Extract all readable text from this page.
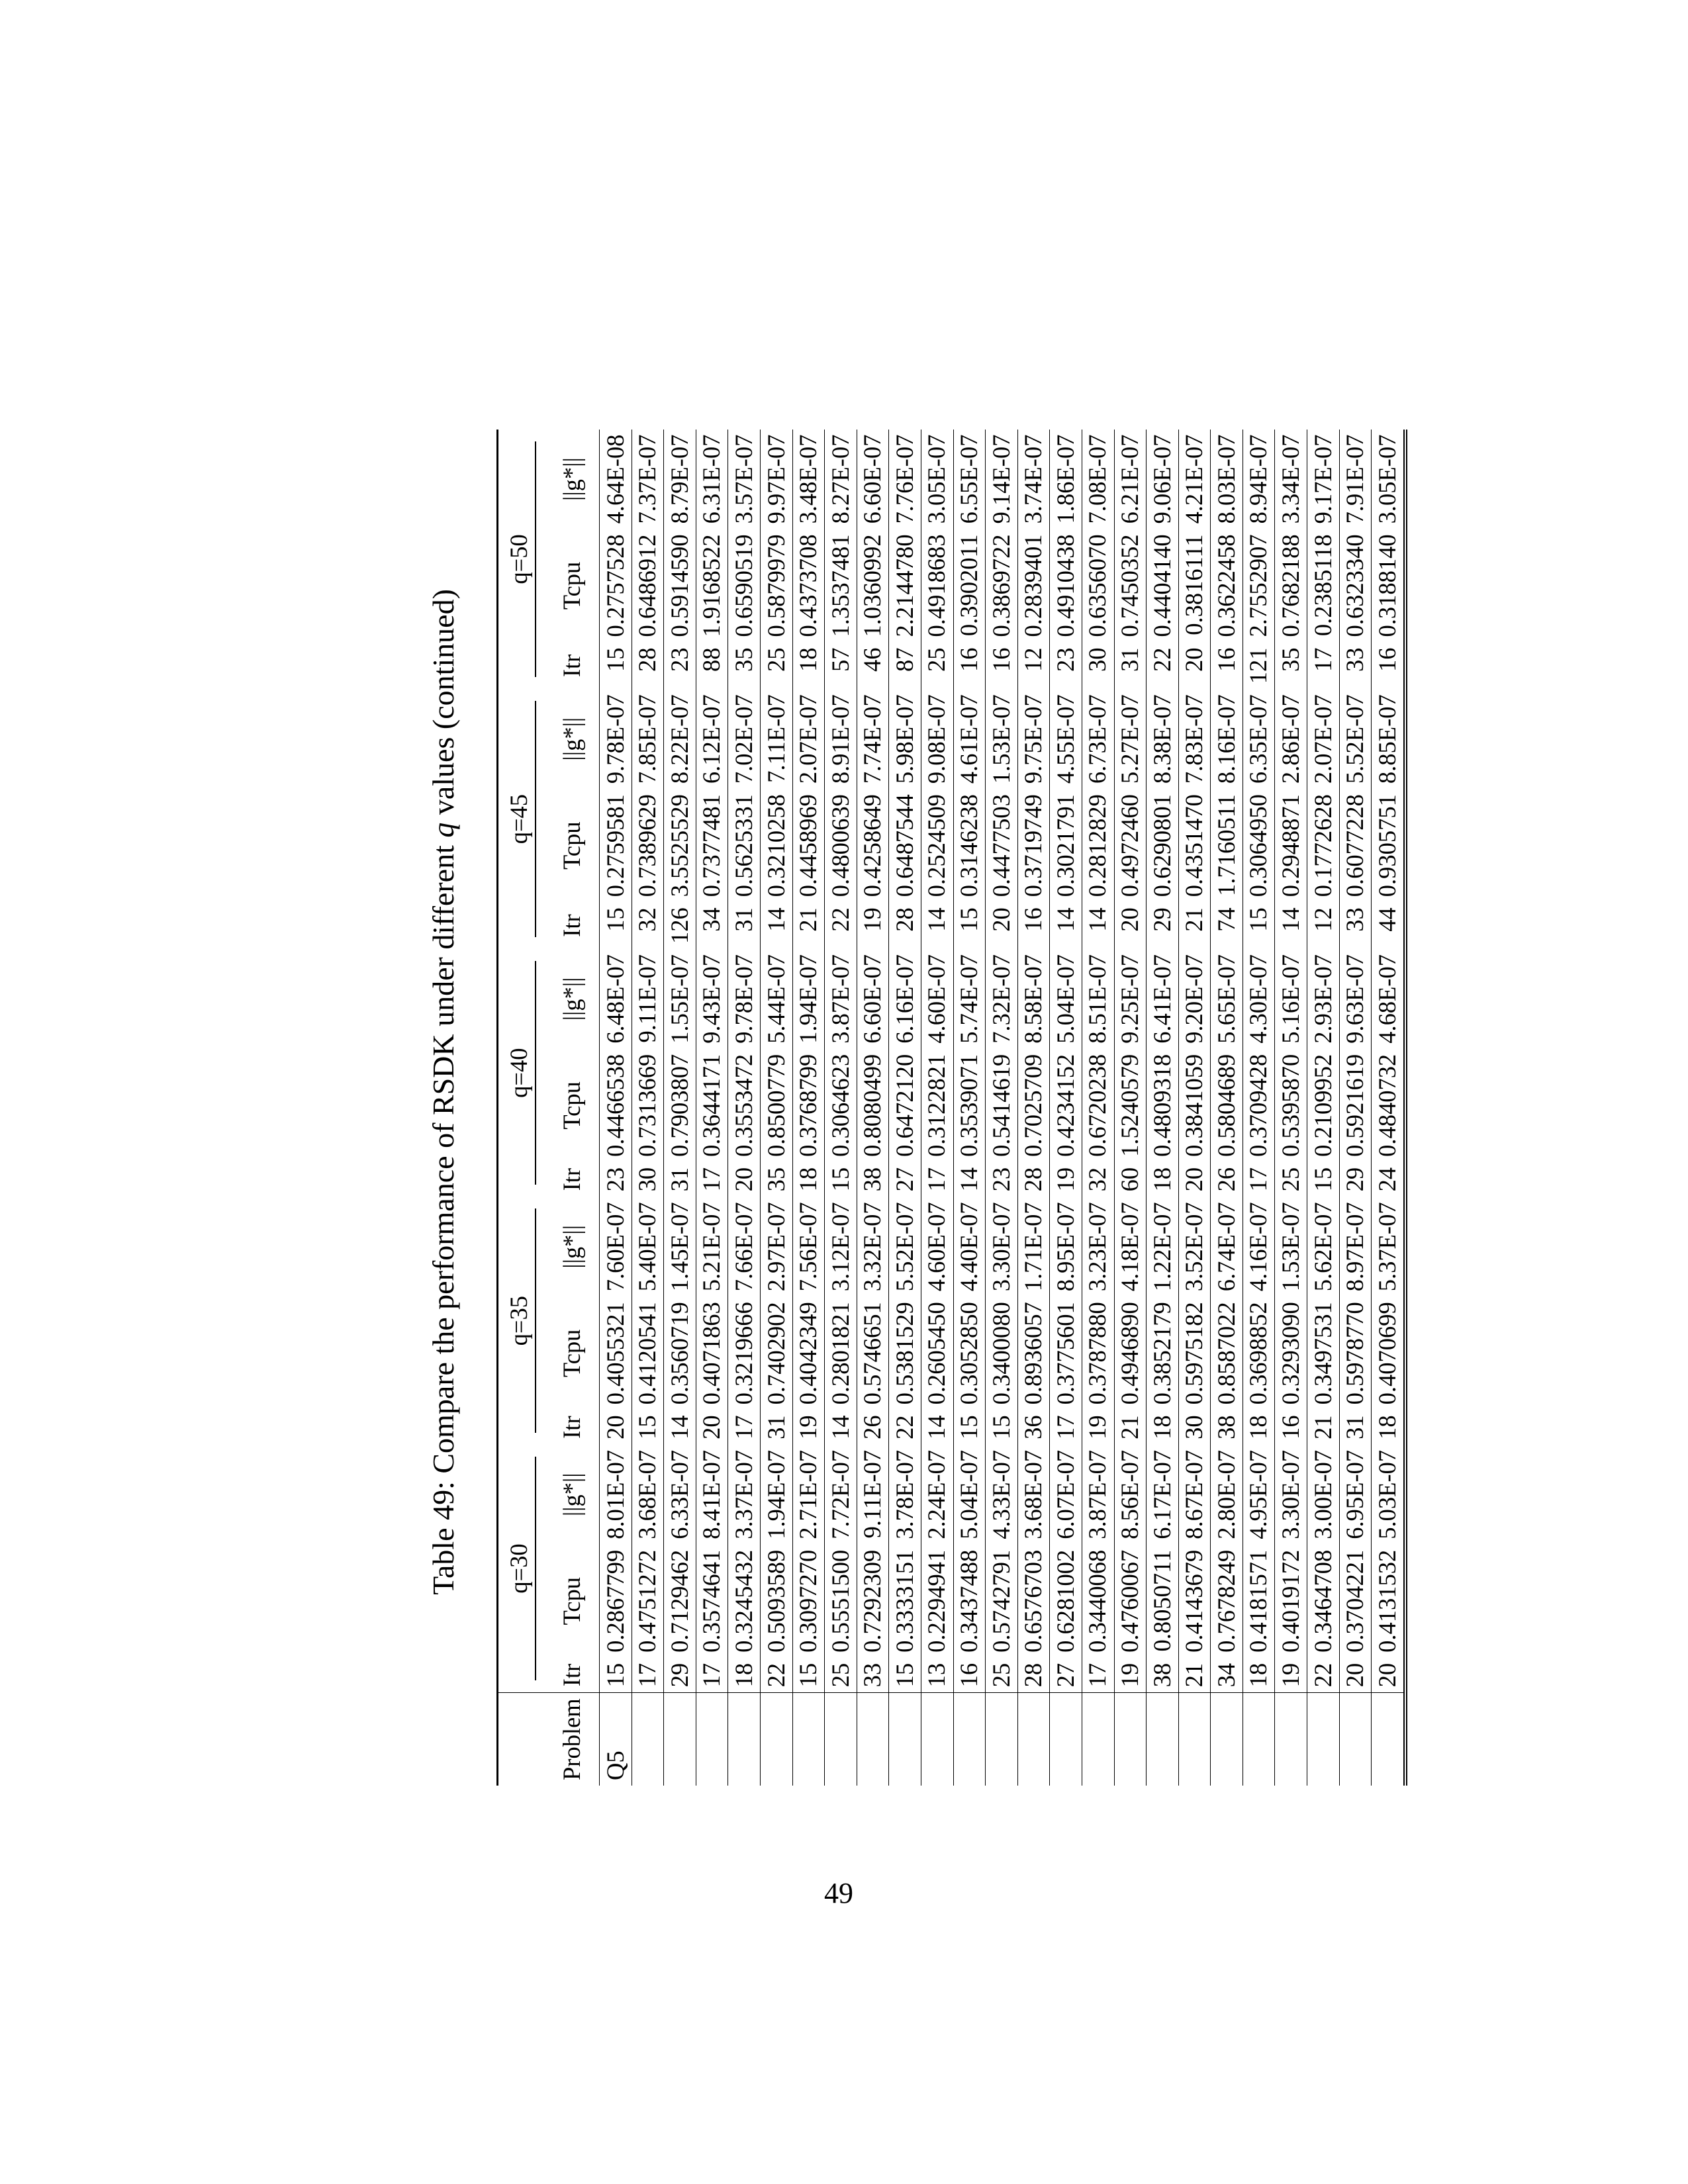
Table 49: Compare the performance of RSDK under different q values (continued)

	q=30			q=35			q=40			q=45			q=50		

Problem	Itr	Tcpu	||g*||	Itr	Tcpu	||g*||	Itr	Tcpu	||g*||	Itr	Tcpu	||g*||	Itr	Tcpu	||g*||
Q5	15	0.2867799	8.01E-07	20	0.4055321	7.60E-07	23	0.4466538	6.48E-07	15	0.2759581	9.78E-07	15	0.2757528	4.64E-08
	17	0.4751272	3.68E-07	15	0.4120541	5.40E-07	30	0.7313669	9.11E-07	32	0.7389629	7.85E-07	28	0.6486912	7.37E-07
	29	0.7129462	6.33E-07	14	0.3560719	1.45E-07	31	0.7903807	1.55E-07	126	3.5525529	8.22E-07	23	0.5914590	8.79E-07
	17	0.3574641	8.41E-07	20	0.4071863	5.21E-07	17	0.3644171	9.43E-07	34	0.7377481	6.12E-07	88	1.9168522	6.31E-07
	18	0.3245432	3.37E-07	17	0.3219666	7.66E-07	20	0.3553472	9.78E-07	31	0.5625331	7.02E-07	35	0.6590519	3.57E-07
	22	0.5093589	1.94E-07	31	0.7402902	2.97E-07	35	0.8500779	5.44E-07	14	0.3210258	7.11E-07	25	0.5879979	9.97E-07
	15	0.3097270	2.71E-07	19	0.4042349	7.56E-07	18	0.3768799	1.94E-07	21	0.4458969	2.07E-07	18	0.4373708	3.48E-07
	25	0.5551500	7.72E-07	14	0.2801821	3.12E-07	15	0.3064623	3.87E-07	22	0.4800639	8.91E-07	57	1.3537481	8.27E-07
	33	0.7292309	9.11E-07	26	0.5746651	3.32E-07	38	0.8080499	6.60E-07	19	0.4258649	7.74E-07	46	1.0360992	6.60E-07
	15	0.3333151	3.78E-07	22	0.5381529	5.52E-07	27	0.6472120	6.16E-07	28	0.6487544	5.98E-07	87	2.2144780	7.76E-07
	13	0.2294941	2.24E-07	14	0.2605450	4.60E-07	17	0.3122821	4.60E-07	14	0.2524509	9.08E-07	25	0.4918683	3.05E-07
	16	0.3437488	5.04E-07	15	0.3052850	4.40E-07	14	0.3539071	5.74E-07	15	0.3146238	4.61E-07	16	0.3902011	6.55E-07
	25	0.5742791	4.33E-07	15	0.3400080	3.30E-07	23	0.5414619	7.32E-07	20	0.4477503	1.53E-07	16	0.3869722	9.14E-07
	28	0.6576703	3.68E-07	36	0.8936057	1.71E-07	28	0.7025709	8.58E-07	16	0.3719749	9.75E-07	12	0.2839401	3.74E-07
	27	0.6281002	6.07E-07	17	0.3775601	8.95E-07	19	0.4234152	5.04E-07	14	0.3021791	4.55E-07	23	0.4910438	1.86E-07
	17	0.3440068	3.87E-07	19	0.3787880	3.23E-07	32	0.6720238	8.51E-07	14	0.2812829	6.73E-07	30	0.6356070	7.08E-07
	19	0.4760067	8.56E-07	21	0.4946890	4.18E-07	60	1.5240579	9.25E-07	20	0.4972460	5.27E-07	31	0.7450352	6.21E-07
	38	0.8050711	6.17E-07	18	0.3852179	1.22E-07	18	0.4809318	6.41E-07	29	0.6290801	8.38E-07	22	0.4404140	9.06E-07
	21	0.4143679	8.67E-07	30	0.5975182	3.52E-07	20	0.3841059	9.20E-07	21	0.4351470	7.83E-07	20	0.3816111	4.21E-07
	34	0.7678249	2.80E-07	38	0.8587022	6.74E-07	26	0.5804689	5.65E-07	74	1.7160511	8.16E-07	16	0.3622458	8.03E-07
	18	0.4181571	4.95E-07	18	0.3698852	4.16E-07	17	0.3709428	4.30E-07	15	0.3064950	6.35E-07	121	2.7552907	8.94E-07
	19	0.4019172	3.30E-07	16	0.3293090	1.53E-07	25	0.5395870	5.16E-07	14	0.2948871	2.86E-07	35	0.7682188	3.34E-07
	22	0.3464708	3.00E-07	21	0.3497531	5.62E-07	15	0.2109952	2.93E-07	12	0.1772628	2.07E-07	17	0.2385118	9.17E-07
	20	0.3704221	6.95E-07	31	0.5978770	8.97E-07	29	0.5921619	9.63E-07	33	0.6077228	5.52E-07	33	0.6323340	7.91E-07
	20	0.4131532	5.03E-07	18	0.4070699	5.37E-07	24	0.4840732	4.68E-07	44	0.9305751	8.85E-07	16	0.3188140	3.05E-07
49
